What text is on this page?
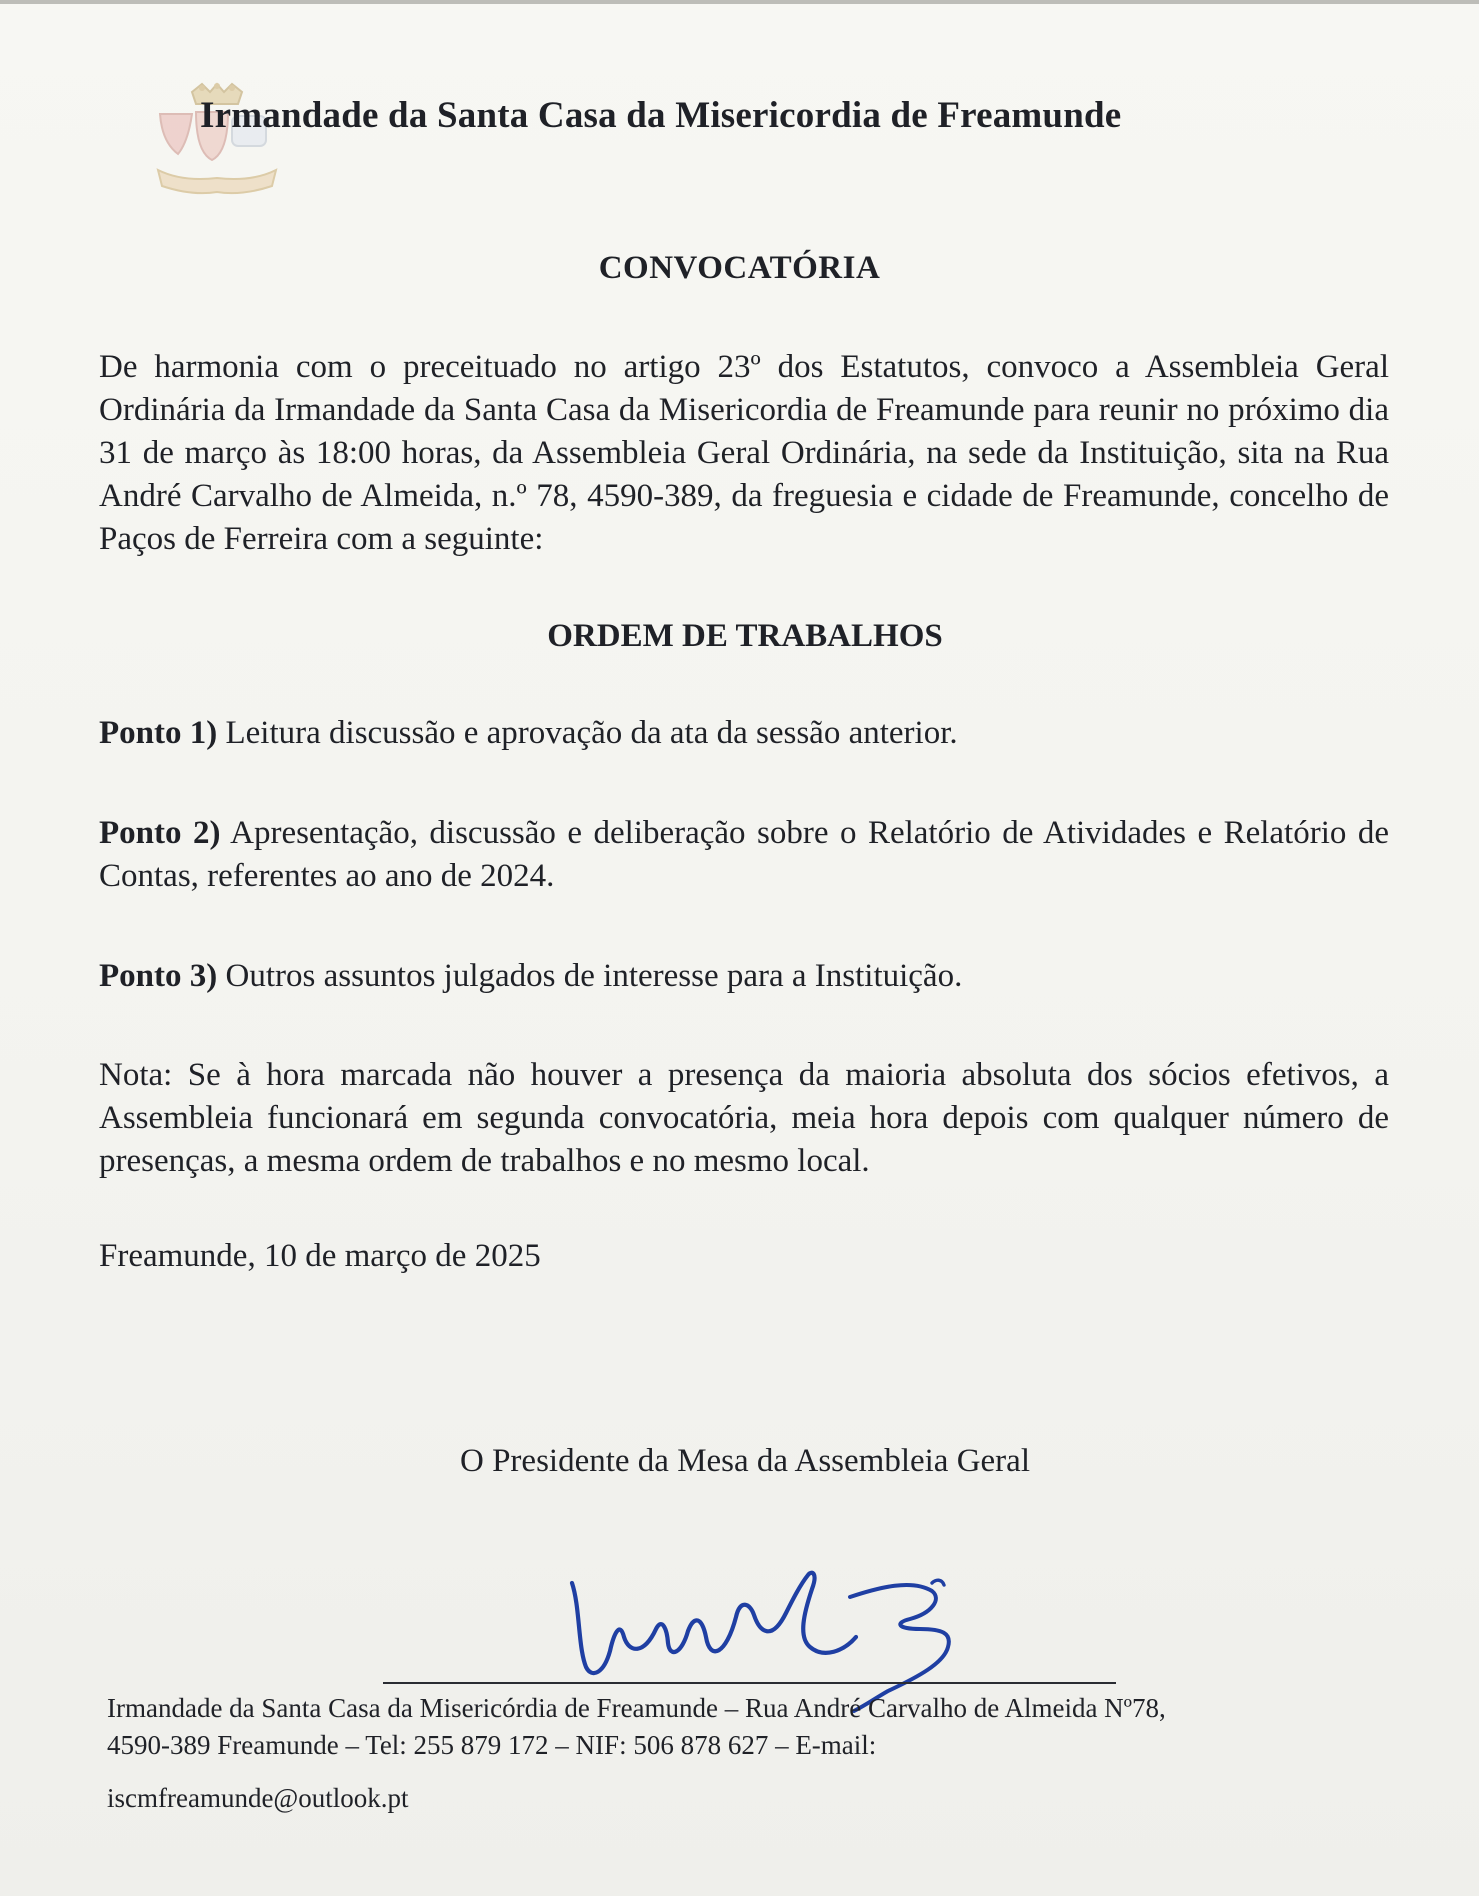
Irmandade da Santa Casa da Misericordia de Freamunde
CONVOCATÓRIA

De harmonia com o preceituado no artigo 23º dos Estatutos, convoco a Assembleia Geral Ordinária da Irmandade da Santa Casa da Misericordia de Freamunde para reunir no próximo dia 31 de março às 18:00 horas, da Assembleia Geral Ordinária, na sede da Instituição, sita na Rua André Carvalho de Almeida, n.º 78, 4590-389, da freguesia e cidade de Freamunde, concelho de Paços de Ferreira com a seguinte:

ORDEM DE TRABALHOS

Ponto 1) Leitura discussão e aprovação da ata da sessão anterior.

Ponto 2) Apresentação, discussão e deliberação sobre o Relatório de Atividades e Relatório de Contas, referentes ao ano de 2024.

Ponto 3) Outros assuntos julgados de interesse para a Instituição.

Nota: Se à hora marcada não houver a presença da maioria absoluta dos sócios efetivos, a Assembleia funcionará em segunda convocatória, meia hora depois com qualquer número de presenças, a mesma ordem de trabalhos e no mesmo local.

Freamunde, 10 de março de 2025

O Presidente da Mesa da Assembleia Geral
Irmandade da Santa Casa da Misericórdia de Freamunde – Rua André Carvalho de Almeida Nº78,
4590-389 Freamunde – Tel: 255 879 172 – NIF: 506 878 627 – E-mail:
iscmfreamunde@outlook.pt
